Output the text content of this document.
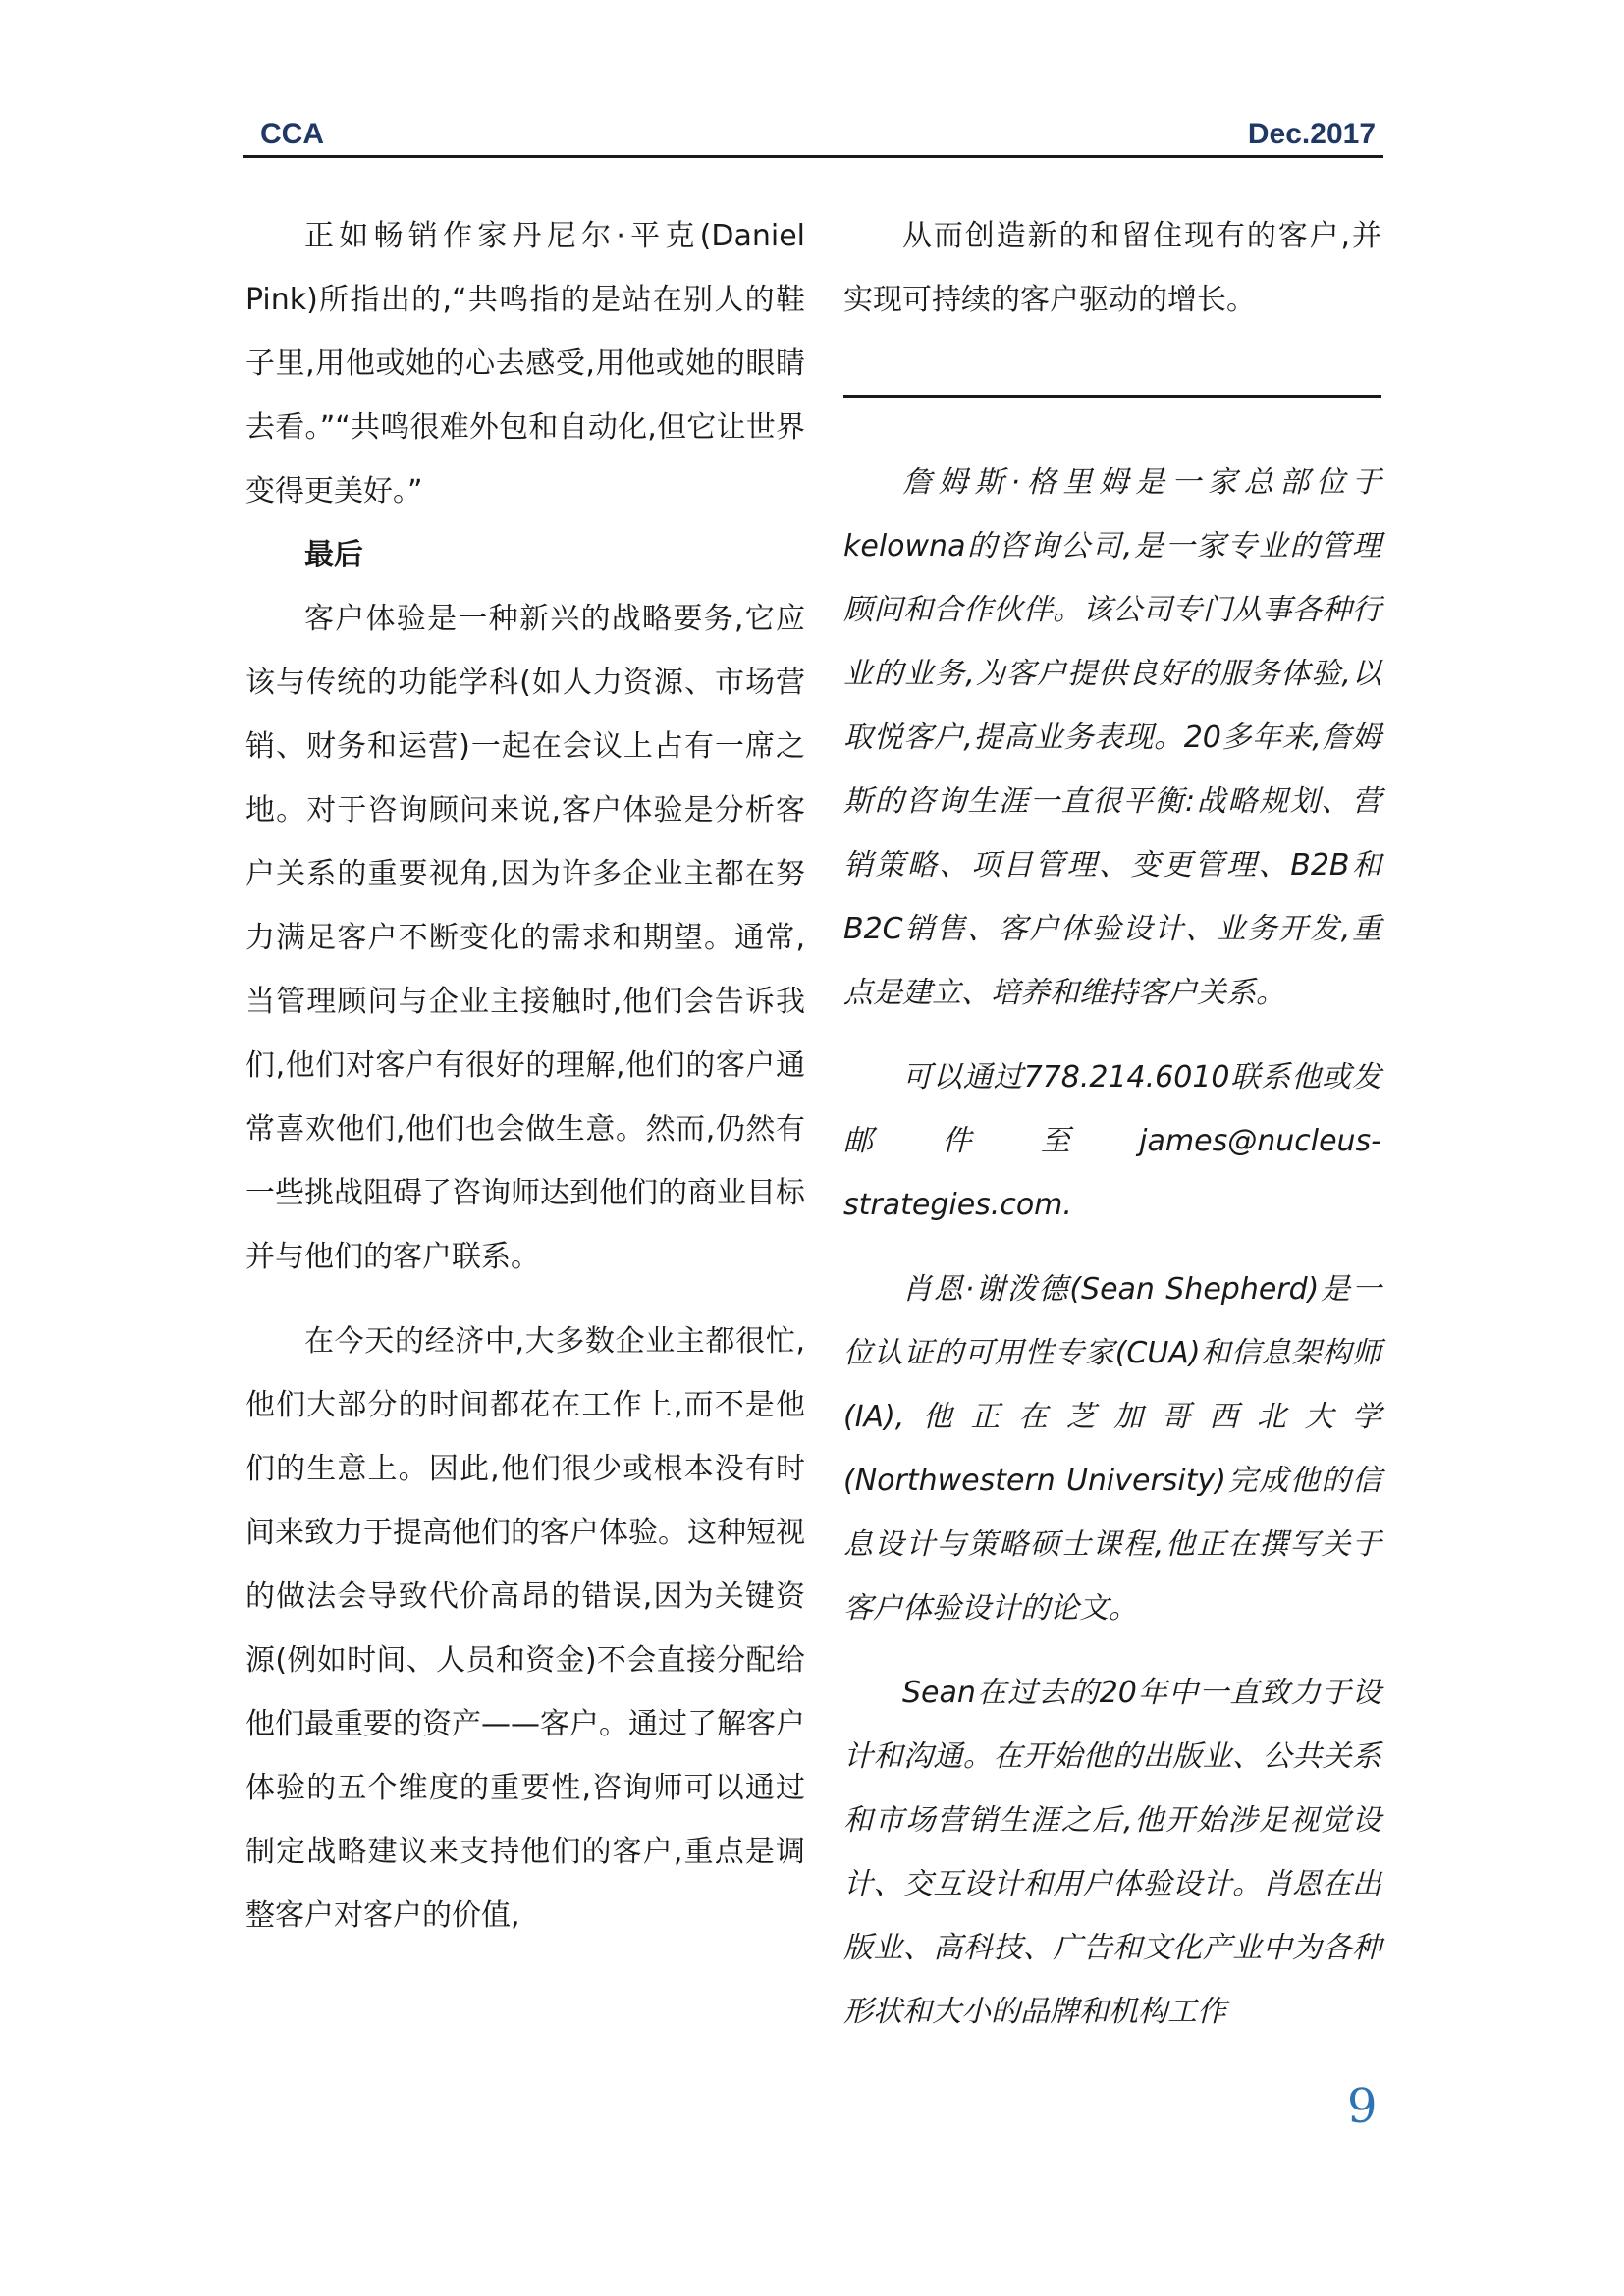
CCA	Dec.2017

正如畅销作家丹尼尔·平克(Daniel Pink)所指出的,“共鸣指的是站在别人的鞋子里,用他或她的心去感受,用他或她的眼睛去看。”“共鸣很难外包和自动化,但它让世界变得更美好。”

最后

客户体验是一种新兴的战略要务,它应该与传统的功能学科(如人力资源、市场营销、财务和运营)一起在会议上占有一席之地。对于咨询顾问来说,客户体验是分析客户关系的重要视角,因为许多企业主都在努力满足客户不断变化的需求和期望。通常,当管理顾问与企业主接触时,他们会告诉我们,他们对客户有很好的理解,他们的客户通常喜欢他们,他们也会做生意。然而,仍然有一些挑战阻碍了咨询师达到他们的商业目标并与他们的客户联系。

在今天的经济中,大多数企业主都很忙,他们大部分的时间都花在工作上,而不是他们的生意上。因此,他们很少或根本没有时间来致力于提高他们的客户体验。这种短视的做法会导致代价高昂的错误,因为关键资源(例如时间、人员和资金)不会直接分配给他们最重要的资产——客户。通过了解客户体验的五个维度的重要性,咨询师可以通过制定战略建议来支持他们的客户,重点是调整客户对客户的价值,

从而创造新的和留住现有的客户,并实现可持续的客户驱动的增长。

詹姆斯·格里姆是一家总部位于kelowna的咨询公司,是一家专业的管理顾问和合作伙伴。该公司专门从事各种行业的业务,为客户提供良好的服务体验,以取悦客户,提高业务表现。20多年来,詹姆斯的咨询生涯一直很平衡:战略规划、营销策略、项目管理、变更管理、B2B和B2C销售、客户体验设计、业务开发,重点是建立、培养和维持客户关系。

可以通过778.214.6010联系他或发邮件至james@nucleus-strategies.com.

肖恩·谢泼德(Sean Shepherd)是一位认证的可用性专家(CUA)和信息架构师(IA),他正在芝加哥西北大学(Northwestern University)完成他的信息设计与策略硕士课程,他正在撰写关于客户体验设计的论文。

Sean在过去的20年中一直致力于设计和沟通。在开始他的出版业、公共关系和市场营销生涯之后,他开始涉足视觉设计、交互设计和用户体验设计。肖恩在出版业、高科技、广告和文化产业中为各种形状和大小的品牌和机构工作

9
